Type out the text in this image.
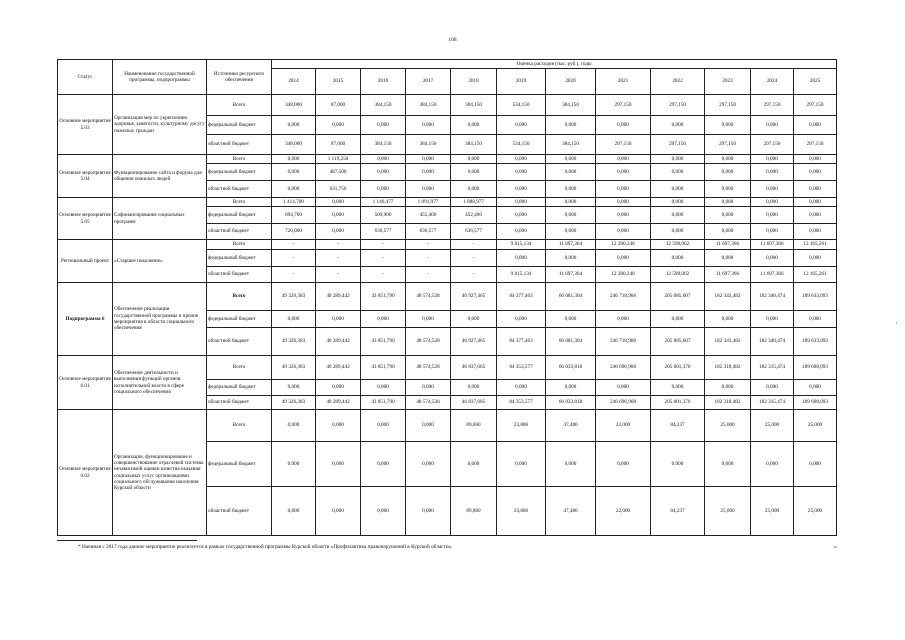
108
Статус	Наименование государственной программы, подпрограммы	Источники ресурсного обеспечения	Оценка расходов (тыс. руб.), годы											
			2014	2015	2016	2017	2018	2019	2020	2021	2022	2023	2024	2025
Основное мероприятие 5.03	Организация мер по укреплению здоровья, занятости, культурному досугу пожилых граждан	Всего	348,000	87,000	384,150	384,150	384,150	534,150	384,150	297,150	297,150	297,150	297,150	297,150
		федеральный бюджет	0,000	0,000	0,000	0,000	0,000	0,000	0,000	0,000	0,000	0,000	0,000	0,000
		областной бюджет	348,000	87,000	384,150	384,150	384,150	534,150	384,150	297,150	297,150	297,150	297,150	297,150
Основное мероприятие 5.04	Функционирование сайта и форума для общения пожилых людей	Всего	0,000	1 119,250	0,000	0,000	0,000	0,000	0,000	0,000	0,000	0,000	0,000	0,000
		федеральный бюджет	0,000	487,500	0,000	0,000	0,000	0,000	0,000	0,000	0,000	0,000	0,000	0,000
		областной бюджет	0,000	631,750	0,000	0,000	0,000	0,000	0,000	0,000	0,000	0,000	0,000	0,000
Основное мероприятие 5.05	Софинансирование социальных программ	Всего	1 414,700	0,000	1 146,477	1 091,977	1 088,977	0,000	0,000	0,000	0,000	0,000	0,000	0,000
		федеральный бюджет	694,700	0,000	509,900	455,400	452,400	0,000	0,000	0,000	0,000	0,000	0,000	0,000
		областной бюджет	720,000	0,000	636,577	636,577	636,577	0,000	0,000	0,000	0,000	0,000	0,000	0,000
Региональный проект	«Старшее поколение»	Всего	-	-	-	-	-	9 815,134	11 697,364	12 280,248	12 598,062	11 697,366	11 697,366	12 165,261
		федеральный бюджет	-	-	-	-	-	0,000	0,000	0,000	0,000	0,000	0,000	0,000
		областной бюджет	-	-	-	-	-	9 815,134	11 697,364	12 280,248	12 598,062	11 697,366	11 697,366	12 165,261
Подпрограмма 6	Обеспечение реализации государственной программы и прочие мероприятия в области социального обеспечения	Всего	49 326,383	40 289,442	43 851,790	48 574,528	46 927,465	84 377,463	66 081,304	246 718,968	205 085,607	182 343,482	182 340,474	189 633,093
		федеральный бюджет	0,000	0,000	0,000	0,000	0,000	0,000	0,000	0,000	0,000	0,000	0,000	0,000
		областной бюджет	49 326,383	40 289,442	43 851,790	48 574,528	46 927,465	84 377,463	66 081,304	246 718,968	205 085,607	182 343,482	182 340,474	189 633,093
Основное мероприятие 6.01	Обеспечение деятельности и выполнения функций органов исполнительной власти в сфере социального обеспечения	Всего	49 326,383	40 289,442	43 851,790	48 574,528	46 837,605	84 353,577	66 033,818	246 696,968	205 001,370	182 318,482	182 315,474	189 608,093
		федеральный бюджет	0,000	0,000	0,000	0,000	0,000	0,000	0,000	0,000	0,000	0,000	0,000	0,000
		областной бюджет	49 326,383	40 289,442	43 851,790	48 574,528	46 837,605	84 353,577	66 033,818	246 696,968	205 001,370	182 318,482	182 315,474	189 608,093
Основное мероприятие 6.02	Организация, функционирование и совершенствование отраслевой системы независимой оценки качества оказания социальных услуг организациями социального обслуживания населения Курской области	Всего	0,000	0,000	0,000	0,000	89,860	23,886	47,486	22,000	84,237	25,000	25,000	25,000
		федеральный бюджет	0,000	0,000	0,000	0,000	0,000	0,000	0,000	0,000	0,000	0,000	0,000	0,000
		областной бюджет	0,000	0,000	0,000	0,000	89,860	23,886	47,486	22,000	84,237	25,000	25,000	25,000
* Начиная с 2017 года данное мероприятие реализуется в рамках государственной программы Курской области «Профилактика правонарушений в Курской области».	».
'
